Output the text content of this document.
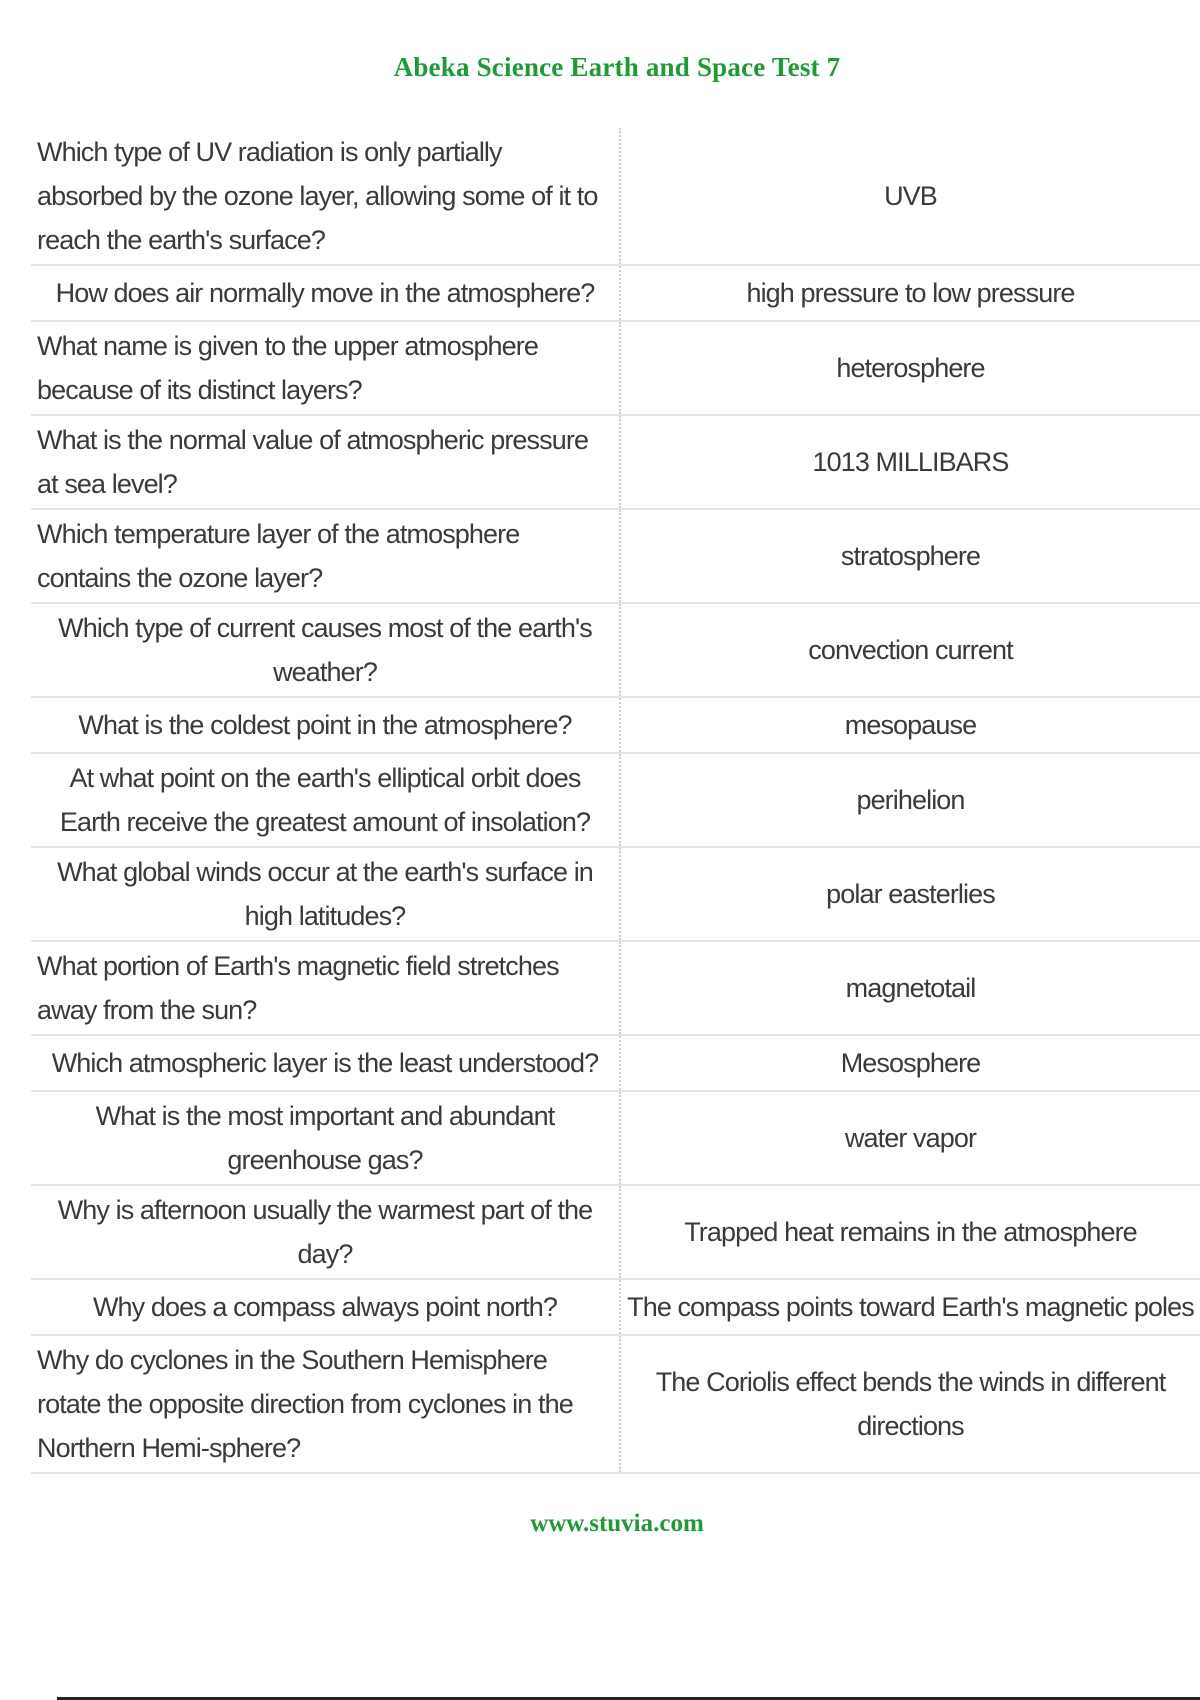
Abeka Science Earth and Space Test 7
Which type of UV radiation is only partially absorbed by the ozone layer, allowing some of it to reach the earth's surface?	UVB
How does air normally move in the atmosphere?	high pressure to low pressure
What name is given to the upper atmosphere because of its distinct layers?	heterosphere
What is the normal value of atmospheric pressure at sea level?	1013 MILLIBARS
Which temperature layer of the atmosphere contains the ozone layer?	stratosphere
Which type of current causes most of the earth's weather?	convection current
What is the coldest point in the atmosphere?	mesopause
At what point on the earth's elliptical orbit does Earth receive the greatest amount of insolation?	perihelion
What global winds occur at the earth's surface in high latitudes?	polar easterlies
What portion of Earth's magnetic field stretches away from the sun?	magnetotail
Which atmospheric layer is the least understood?	Mesosphere
What is the most important and abundant greenhouse gas?	water vapor
Why is afternoon usually the warmest part of the day?	Trapped heat remains in the atmosphere
Why does a compass always point north?	The compass points toward Earth's magnetic poles
Why do cyclones in the Southern Hemisphere rotate the opposite direction from cyclones in the Northern Hemi-sphere?	The Coriolis effect bends the winds in different directions
www.stuvia.com
